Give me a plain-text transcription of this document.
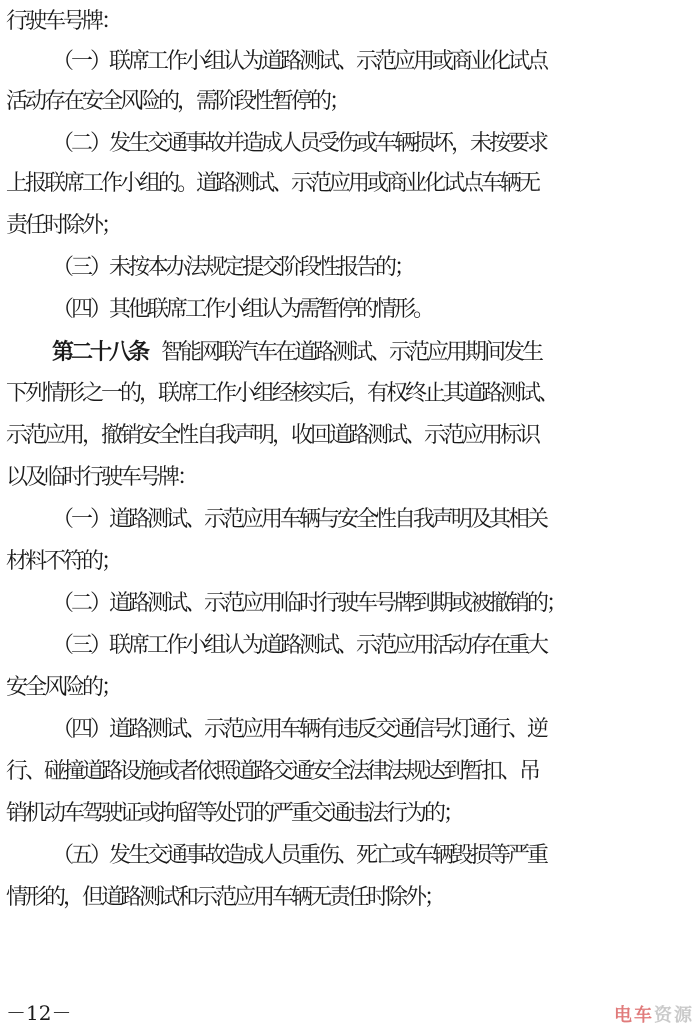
行驶车号牌：
（一）联席工作小组认为道路测试、示范应用或商业化试点
活动存在安全风险的，需阶段性暂停的；
（二）发生交通事故并造成人员受伤或车辆损坏，未按要求
上报联席工作小组的。道路测试、示范应用或商业化试点车辆无
责任时除外；
（三）未按本办法规定提交阶段性报告的；
（四）其他联席工作小组认为需暂停的情形。
第二十八条 智能网联汽车在道路测试、示范应用期间发生
下列情形之一的，联席工作小组经核实后，有权终止其道路测试、
示范应用，撤销安全性自我声明，收回道路测试、示范应用标识
以及临时行驶车号牌：
（一）道路测试、示范应用车辆与安全性自我声明及其相关
材料不符的；
（二）道路测试、示范应用临时行驶车号牌到期或被撤销的；
（三）联席工作小组认为道路测试、示范应用活动存在重大
安全风险的；
（四）道路测试、示范应用车辆有违反交通信号灯通行、逆
行、碰撞道路设施或者依照道路交通安全法律法规达到暂扣、吊
销机动车驾驶证或拘留等处罚的严重交通违法行为的；
（五）发生交通事故造成人员重伤、死亡或车辆毁损等严重
情形的，但道路测试和示范应用车辆无责任时除外；
－12－	电车资源
